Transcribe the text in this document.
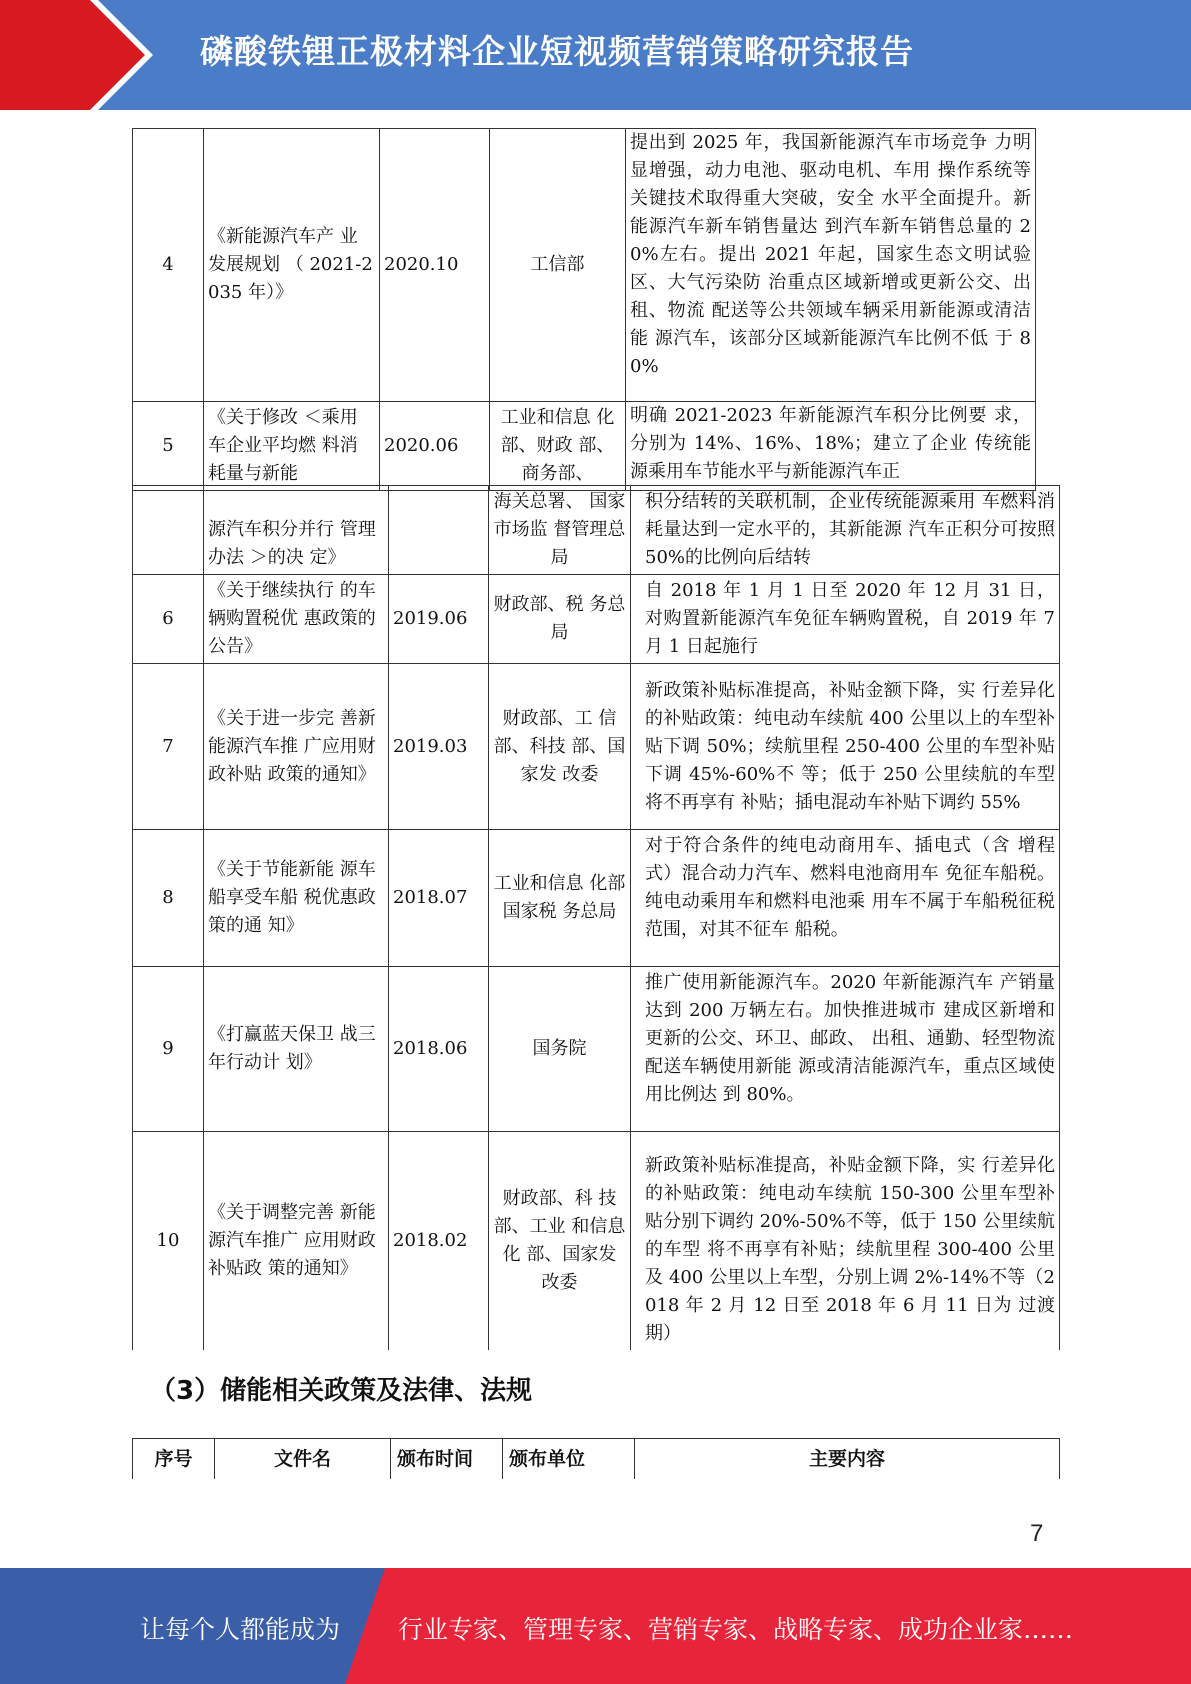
磷酸铁锂正极材料企业短视频营销策略研究报告
4	《新能源汽车产 业发展规划 （ 2021-2035 年）》	2020.10	工信部	提出到 2025 年，我国新能源汽车市场竞争 力明显增强，动力电池、驱动电机、车用 操作系统等关键技术取得重大突破，安全 水平全面提升。新能源汽车新车销售量达 到汽车新车销售总量的 20%左右。提出 2021 年起，国家生态文明试验区、大气污染防 治重点区域新增或更新公交、出租、物流 配送等公共领域车辆采用新能源或清洁能 源汽车，该部分区域新能源汽车比例不低 于 80%
5	《关于修改 ＜乘用车企业平均燃 料消耗量与新能	2020.06	工业和信息 化部、财政 部、商务部、	明确 2021-2023 年新能源汽车积分比例要 求，分别为 14%、16%、18%；建立了企业 传统能源乘用车节能水平与新能源汽车正
	源汽车积分并行 管理办法 ＞的决 定》		海关总署、 国家市场监 督管理总局	积分结转的关联机制，企业传统能源乘用 车燃料消耗量达到一定水平的，其新能源 汽车正积分可按照 50%的比例向后结转
6	《关于继续执行 的车辆购置税优 惠政策的公告》	2019.06	财政部、税 务总局	自 2018 年 1 月 1 日至 2020 年 12 月 31 日， 对购置新能源汽车免征车辆购置税，自 2019 年 7 月 1 日起施行
7	《关于进一步完 善新能源汽车推 广应用财政补贴 政策的通知》	2019.03	财政部、工 信部、科技 部、国家发 改委	新政策补贴标准提高，补贴金额下降，实 行差异化的补贴政策：纯电动车续航 400 公里以上的车型补贴下调 50%；续航里程 250-400 公里的车型补贴下调 45%-60%不 等；低于 250 公里续航的车型将不再享有 补贴；插电混动车补贴下调约 55%
8	《关于节能新能 源车船享受车船 税优惠政策的通 知》	2018.07	工业和信息 化部国家税 务总局	对于符合条件的纯电动商用车、插电式（含 增程式）混合动力汽车、燃料电池商用车 免征车船税。纯电动乘用车和燃料电池乘 用车不属于车船税征税范围，对其不征车 船税。
9	《打赢蓝天保卫 战三年行动计 划》	2018.06	国务院	推广使用新能源汽车。2020 年新能源汽车 产销量达到 200 万辆左右。加快推进城市 建成区新增和更新的公交、环卫、邮政、 出租、通勤、轻型物流配送车辆使用新能 源或清洁能源汽车，重点区域使用比例达 到 80%。
10	《关于调整完善 新能源汽车推广 应用财政补贴政 策的通知》	2018.02	财政部、科 技部、工业 和信息化 部、国家发 改委	新政策补贴标准提高，补贴金额下降，实 行差异化的补贴政策：纯电动车续航 150-300 公里车型补贴分别下调约 20%-50%不等，低于 150 公里续航的车型 将不再享有补贴；续航里程 300-400 公里及 400 公里以上车型，分别上调 2%-14%不等（2018 年 2 月 12 日至 2018 年 6 月 11 日为 过渡期）
（3）储能相关政策及法律、法规
序号	文件名	颁布时间	颁布单位	主要内容
7
让每个人都能成为 行业专家、管理专家、营销专家、战略专家、成功企业家……
